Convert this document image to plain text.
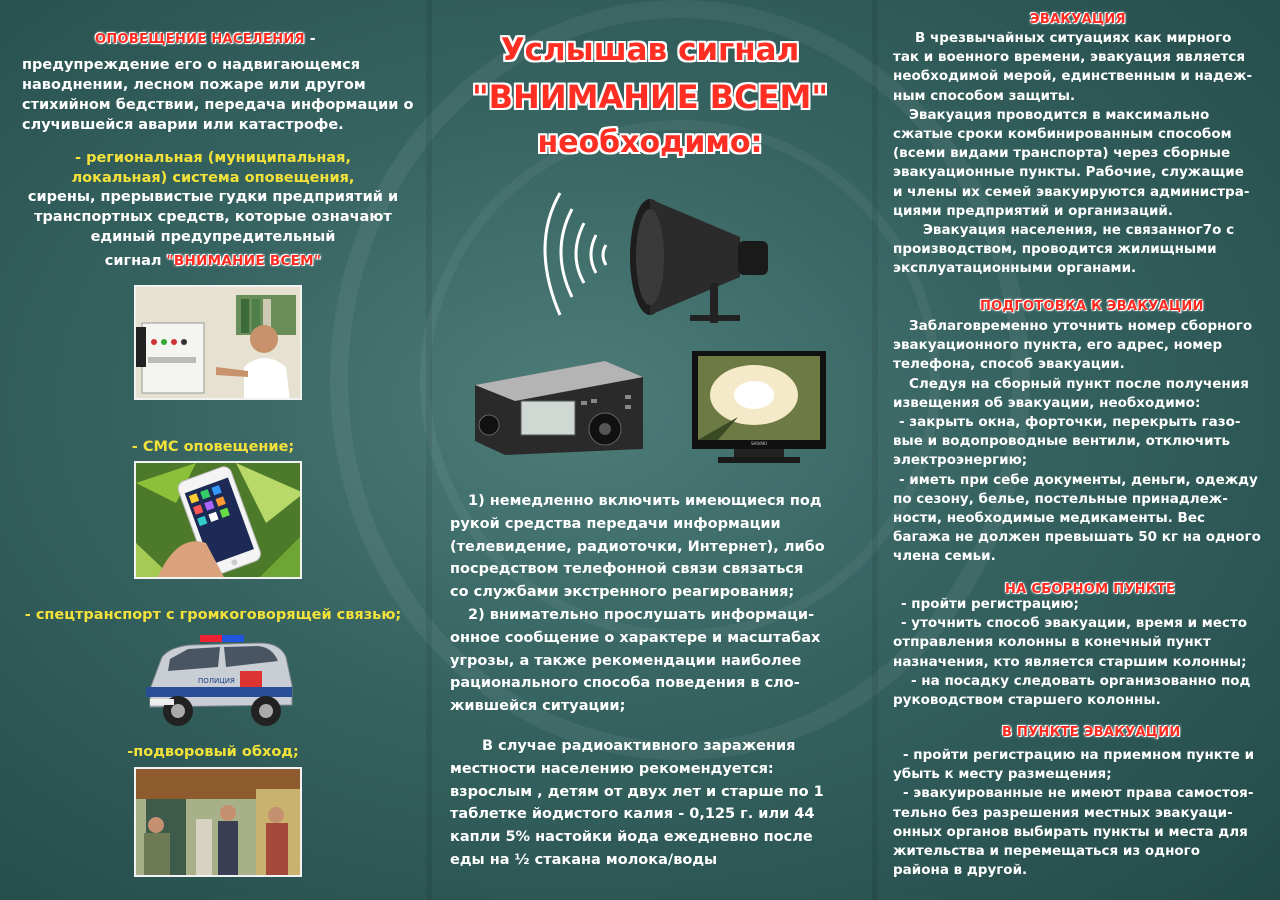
ОПОВЕЩЕНИЕ НАСЕЛЕНИЯ -
предупреждение его о надвигающемся
наводнении, лесном пожаре или другом
стихийном бедствии, передача информации о
случившейся аварии или катастрофе.
- региональная (муниципальная,
локальная) система оповещения,
сирены, прерывистые гудки предприятий и
транспортных средств, которые означают
единый предупредительный
сигнал "ВНИМАНИЕ ВСЕМ"
- СМС оповещение;
- спецтранспорт с громкоговорящей связью;
ПОЛИЦИЯ
-подворовый обход;
Услышав сигнал
"ВНИМАНИЕ ВСЕМ"
необходимо:
SHIVAKI
1) немедленно включить имеющиеся под
рукой средства передачи информации
(телевидение, радиоточки, Интернет), либо
посредством телефонной связи связаться
со службами экстренного реагирования;
2) внимательно прослушать информаци-
онное сообщение о характере и масштабах
угрозы, а также рекомендации наиболее
рационального способа поведения в сло-
жившейся ситуации;
В случае радиоактивного заражения
местности населению рекомендуется:
взрослым , детям от двух лет и старше по 1
таблетке йодистого калия - 0,125 г. или 44
капли 5% настойки йода ежедневно после
еды на ½ стакана молока/воды
ЭВАКУАЦИЯ
В чрезвычайных ситуациях как мирного
так и военного времени, эвакуация является
необходимой мерой, единственным и надеж-
ным способом защиты.
Эвакуация проводится в максимально
сжатые сроки комбинированным способом
(всеми видами транспорта) через сборные
эвакуационные пункты. Рабочие, служащие
и члены их семей эвакуируются администра-
циями предприятий и организаций.
Эвакуация населения, не связанног7о с
производством, проводится жилищными
эксплуатационными органами.
ПОДГОТОВКА К ЭВАКУАЦИИ
Заблаговременно уточнить номер сборного
эвакуационного пункта, его адрес, номер
телефона, способ эвакуации.
Следуя на сборный пункт после получения
извещения об эвакуации, необходимо:
- закрыть окна, форточки, перекрыть газо-
вые и водопроводные вентили, отключить
электроэнергию;
- иметь при себе документы, деньги, одежду
по сезону, белье, постельные принадлеж-
ности, необходимые медикаменты. Вес
багажа не должен превышать 50 кг на одного
члена семьи.
НА СБОРНОМ ПУНКТЕ
- пройти регистрацию;
- уточнить способ эвакуации, время и место
отправления колонны в конечный пункт
назначения, кто является старшим колонны;
- на посадку следовать организованно под
руководством старшего колонны.
В ПУНКТЕ ЭВАКУАЦИИ
- пройти регистрацию на приемном пункте и
убыть к месту размещения;
- эвакуированные не имеют права самостоя-
тельно без разрешения местных эвакуаци-
онных органов выбирать пункты и места для
жительства и перемещаться из одного
района в другой.
